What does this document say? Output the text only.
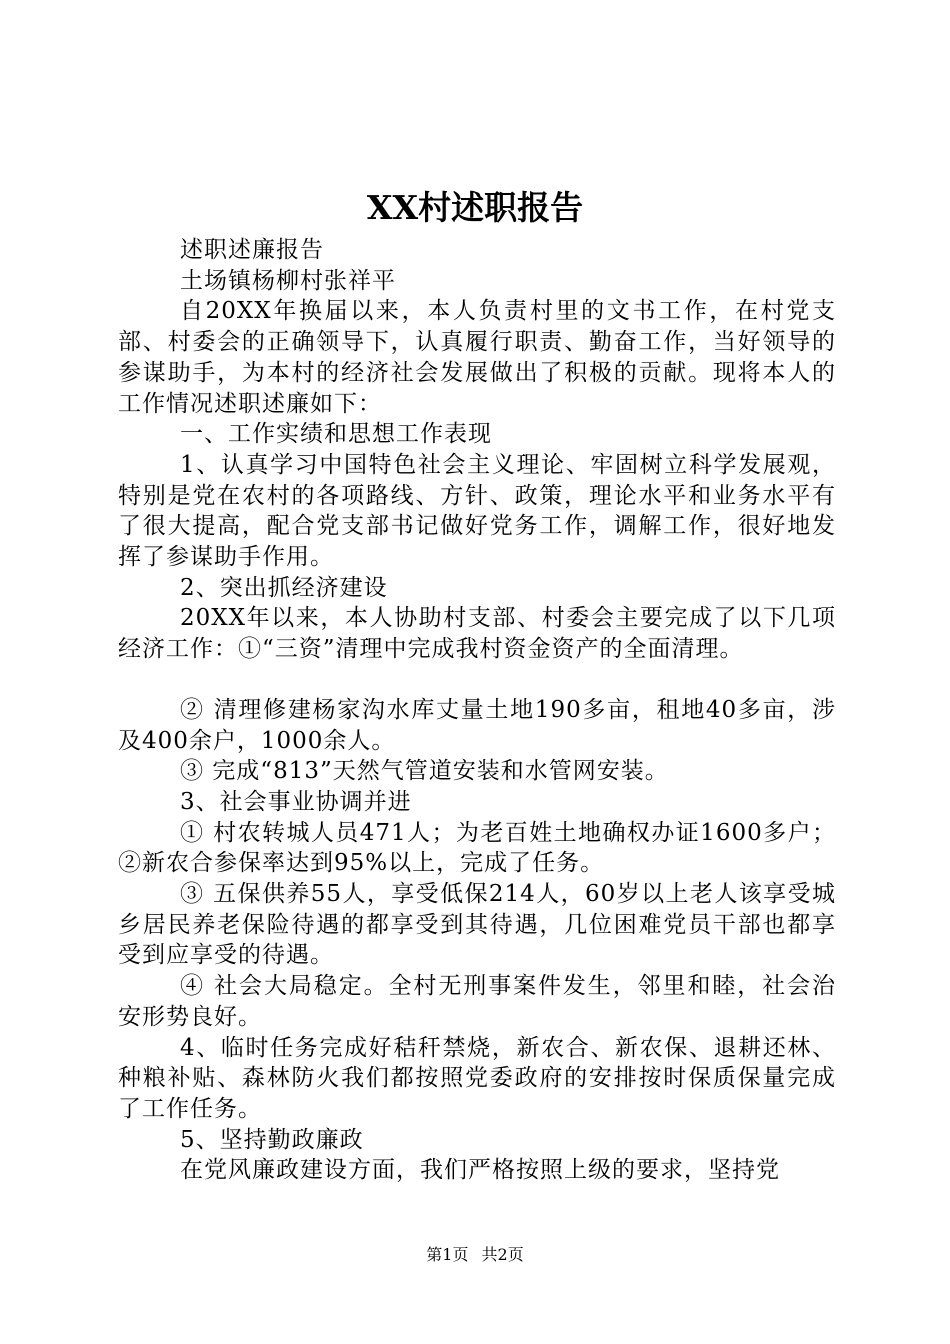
XX村述职报告

述职述廉报告

土场镇杨柳村张祥平

自20XX年换届以来，本人负责村里的文书工作，在村党支部、村委会的正确领导下，认真履行职责、勤奋工作，当好领导的参谋助手，为本村的经济社会发展做出了积极的贡献。现将本人的工作情况述职述廉如下：

一、工作实绩和思想工作表现

1、认真学习中国特色社会主义理论、牢固树立科学发展观，特别是党在农村的各项路线、方针、政策，理论水平和业务水平有了很大提高，配合党支部书记做好党务工作，调解工作，很好地发挥了参谋助手作用。

2、突出抓经济建设

20XX年以来，本人协助村支部、村委会主要完成了以下几项经济工作：①“三资”清理中完成我村资金资产的全面清理。

② 清理修建杨家沟水库丈量土地190多亩，租地40多亩，涉及400余户，1000余人。

③ 完成“813”天然气管道安装和水管网安装。

3、社会事业协调并进

① 村农转城人员471人；为老百姓土地确权办证1600多户；②新农合参保率达到95%以上，完成了任务。

③ 五保供养55人，享受低保214人，60岁以上老人该享受城乡居民养老保险待遇的都享受到其待遇，几位困难党员干部也都享受到应享受的待遇。

④ 社会大局稳定。全村无刑事案件发生，邻里和睦，社会治安形势良好。

4、临时任务完成好秸秆禁烧，新农合、新农保、退耕还林、种粮补贴、森林防火我们都按照党委政府的安排按时保质保量完成了工作任务。

5、坚持勤政廉政

在党风廉政建设方面，我们严格按照上级的要求，坚持党

第1页 共2页
